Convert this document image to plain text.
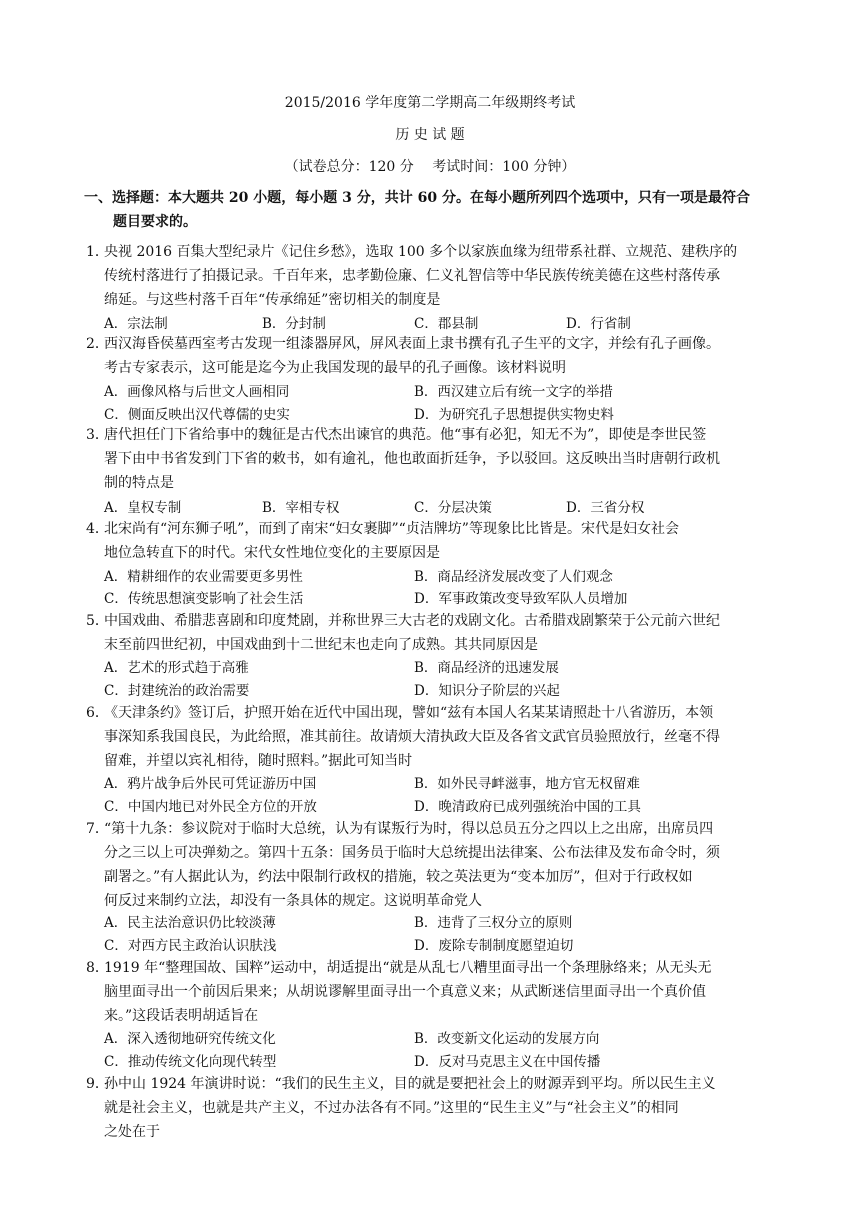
2015/2016 学年度第二学期高二年级期终考试
历 史 试 题
（试卷总分：120 分　 考试时间：100 分钟）
一、选择题：本大题共 20 小题，每小题 3 分，共计 60 分。在每小题所列四个选项中，只有一项是最符合
题目要求的。
1．
央视 2016 百集大型纪录片《记住乡愁》，选取 100 多个以家族血缘为纽带系社群、立规范、建秩序的
传统村落进行了拍摄记录。千百年来，忠孝勤俭廉、仁义礼智信等中华民族传统美德在这些村落传承
绵延。与这些村落千百年“传承绵延”密切相关的制度是
A．宗法制	B．分封制	C．郡县制	D．行省制
2．
西汉海昏侯墓西室考古发现一组漆器屏风，屏风表面上隶书撰有孔子生平的文字，并绘有孔子画像。
考古专家表示，这可能是迄今为止我国发现的最早的孔子画像。该材料说明
A．画像风格与后世文人画相同	B．西汉建立后有统一文字的举措
C．侧面反映出汉代尊儒的史实	D．为研究孔子思想提供实物史料
3．
唐代担任门下省给事中的魏征是古代杰出谏官的典范。他“事有必犯，知无不为”，即使是李世民签
署下由中书省发到门下省的敕书，如有逾礼，他也敢面折廷争，予以驳回。这反映出当时唐朝行政机
制的特点是
A．皇权专制	B．宰相专权	C．分层决策	D．三省分权
4．
北宋尚有“河东狮子吼”，而到了南宋“妇女裹脚”“贞洁牌坊”等现象比比皆是。宋代是妇女社会
地位急转直下的时代。宋代女性地位变化的主要原因是
A．精耕细作的农业需要更多男性	B．商品经济发展改变了人们观念
C．传统思想演变影响了社会生活	D．军事政策改变导致军队人员增加
5．
中国戏曲、希腊悲喜剧和印度梵剧，并称世界三大古老的戏剧文化。古希腊戏剧繁荣于公元前六世纪
末至前四世纪初，中国戏曲到十二世纪末也走向了成熟。其共同原因是
A．艺术的形式趋于高雅	B．商品经济的迅速发展
C．封建统治的政治需要	D．知识分子阶层的兴起
6．
《天津条约》签订后，护照开始在近代中国出现，譬如“兹有本国人名某某请照赴十八省游历，本领
事深知系我国良民，为此给照，准其前往。故请烦大清执政大臣及各省文武官员验照放行，丝毫不得
留难，并望以宾礼相待，随时照料。”据此可知当时
A．鸦片战争后外民可凭证游历中国	B．如外民寻衅滋事，地方官无权留难
C．中国内地已对外民全方位的开放	D．晚清政府已成列强统治中国的工具
7．
“第十九条：参议院对于临时大总统，认为有谋叛行为时，得以总员五分之四以上之出席，出席员四
分之三以上可决弹劾之。第四十五条：国务员于临时大总统提出法律案、公布法律及发布命令时，须
副署之。”有人据此认为，约法中限制行政权的措施，较之英法更为“变本加厉”，但对于行政权如
何反过来制约立法，却没有一条具体的规定。这说明革命党人
A．民主法治意识仍比较淡薄	B．违背了三权分立的原则
C．对西方民主政治认识肤浅	D．废除专制制度愿望迫切
8．
1919 年“整理国故、国粹”运动中，胡适提出“就是从乱七八糟里面寻出一个条理脉络来；从无头无
脑里面寻出一个前因后果来；从胡说谬解里面寻出一个真意义来；从武断迷信里面寻出一个真价值
来。”这段话表明胡适旨在
A．深入透彻地研究传统文化	B．改变新文化运动的发展方向
C．推动传统文化向现代转型	D．反对马克思主义在中国传播
9．
孙中山 1924 年演讲时说：“我们的民生主义，目的就是要把社会上的财源弄到平均。所以民生主义
就是社会主义，也就是共产主义，不过办法各有不同。”这里的“民生主义”与“社会主义”的相同
之处在于
